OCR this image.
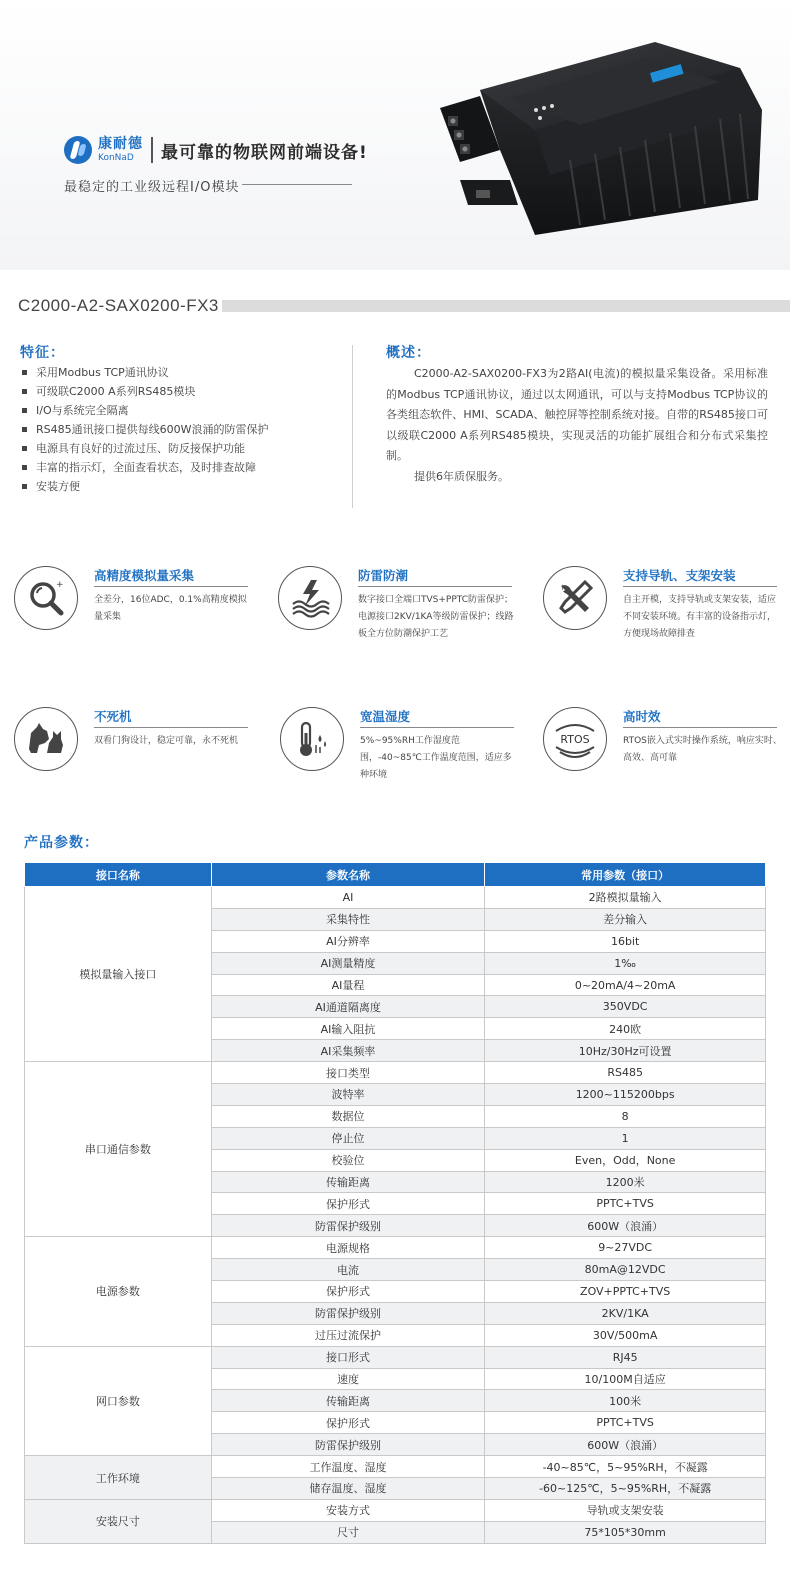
康耐德
KonNaD	最可靠的物联网前端设备!
最稳定的工业级远程I/O模块
C2000-A2-SAX0200-FX3
特征：
采用Modbus TCP通讯协议
可级联C2000 A系列RS485模块
I/O与系统完全隔离
RS485通讯接口提供每线600W浪涌的防雷保护
电源具有良好的过流过压、防反接保护功能
丰富的指示灯，全面查看状态，及时排查故障
安装方便
概述：

C2000-A2-SAX0200-FX3为2路AI(电流)的模拟量采集设备。采用标准的Modbus TCP通讯协议，通过以太网通讯，可以与支持Modbus TCP协议的各类组态软件、HMI、SCADA、触控屏等控制系统对接。自带的RS485接口可以级联C2000 A系列RS485模块，实现灵活的功能扩展组合和分布式采集控制。

提供6年质保服务。

+
高精度模拟量采集
全差分，16位ADC，0.1%高精度模拟量采集
防雷防潮
数字接口全端口TVS+PPTC防雷保护；电源接口2KV/1KA等级防雷保护；线路板全方位防潮保护工艺
支持导轨、支架安装
自主开模，支持导轨或支架安装，适应不同安装环境。有丰富的设备指示灯，方便现场故障排查
不死机
双看门狗设计，稳定可靠，永不死机
宽温湿度
5%~95%RH工作湿度范围，-40~85℃工作温度范围，适应多种环境
RTOS
高时效
RTOS嵌入式实时操作系统，响应实时、高效、高可靠
产品参数：
接口名称	参数名称	常用参数（接口）
模拟量输入接口	AI	2路模拟量输入
	采集特性	差分输入
	AI分辨率	16bit
	AI测量精度	1‰
	AI量程	0~20mA/4~20mA
	AI通道隔离度	350VDC
	AI输入阻抗	240欧
	AI采集频率	10Hz/30Hz可设置
串口通信参数	接口类型	RS485
	波特率	1200~115200bps
	数据位	8
	停止位	1
	校验位	Even，Odd，None
	传输距离	1200米
	保护形式	PPTC+TVS
	防雷保护级别	600W（浪涌）
电源参数	电源规格	9~27VDC
	电流	80mA@12VDC
	保护形式	ZOV+PPTC+TVS
	防雷保护级别	2KV/1KA
	过压过流保护	30V/500mA
网口参数	接口形式	RJ45
	速度	10/100M自适应
	传输距离	100米
	保护形式	PPTC+TVS
	防雷保护级别	600W（浪涌）
工作环境	工作温度、湿度	-40~85℃，5~95%RH，不凝露
	储存温度、湿度	-60~125℃，5~95%RH，不凝露
安装尺寸	安装方式	导轨或支架安装
	尺寸	75*105*30mm
